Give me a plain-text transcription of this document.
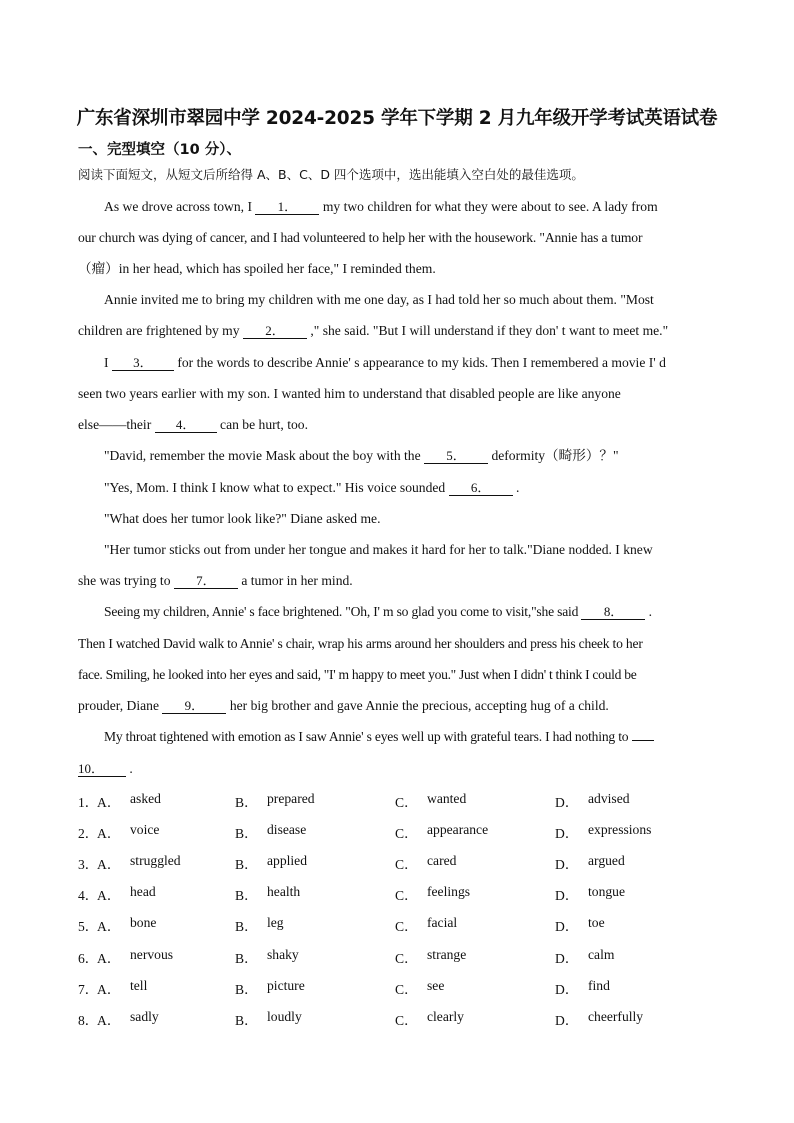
广东省深圳市翠园中学 2024-2025 学年下学期 2 月九年级开学考试英语试卷
一、完型填空（10 分）、
阅读下面短文，从短文后所给得 A、B、C、D 四个选项中，选出能填入空白处的最佳选项。
As we drove across town, I 1． my two children for what they were about to see. A lady from
our church was dying of cancer, and I had volunteered to help her with the housework. "Annie has a tumor
（瘤）in her head, which has spoiled her face," I reminded them.
Annie invited me to bring my children with me one day, as I had told her so much about them. "Most
children are frightened by my 2． ," she said. "But I will understand if they don' t want to meet me."
I 3． for the words to describe Annie' s appearance to my kids. Then I remembered a movie I' d
seen two years earlier with my son. I wanted him to understand that disabled people are like anyone
else——their 4． can be hurt, too.
"David, remember the movie Mask about the boy with the 5． deformity（畸形）？"
"Yes, Mom. I think I know what to expect." His voice sounded 6． .
"What does her tumor look like?" Diane asked me.
"Her tumor sticks out from under her tongue and makes it hard for her to talk."Diane nodded. I knew
she was trying to 7． a tumor in her mind.
Seeing my children, Annie' s face brightened. "Oh, I' m so glad you come to visit,"she said 8． .
Then I watched David walk to Annie' s chair, wrap his arms around her shoulders and press his cheek to her
face. Smiling, he looked into her eyes and said, "I' m happy to meet you." Just when I didn' t think I could be
prouder, Diane 9． her big brother and gave Annie the precious, accepting hug of a child.
My throat tightened with emotion as I saw Annie' s eyes well up with grateful tears. I had nothing to
10． .
1．
A． asked	B． prepared	C． wanted	D． advised
2．
A． voice	B． disease	C． appearance	D． expressions
3．
A． struggled	B． applied	C． cared	D． argued
4．
A． head	B． health	C． feelings	D． tongue
5．
A． bone	B． leg	C． facial	D． toe
6．
A． nervous	B． shaky	C． strange	D． calm
7．
A． tell	B． picture	C． see	D． find
8．
A． sadly	B． loudly	C． clearly	D． cheerfully
